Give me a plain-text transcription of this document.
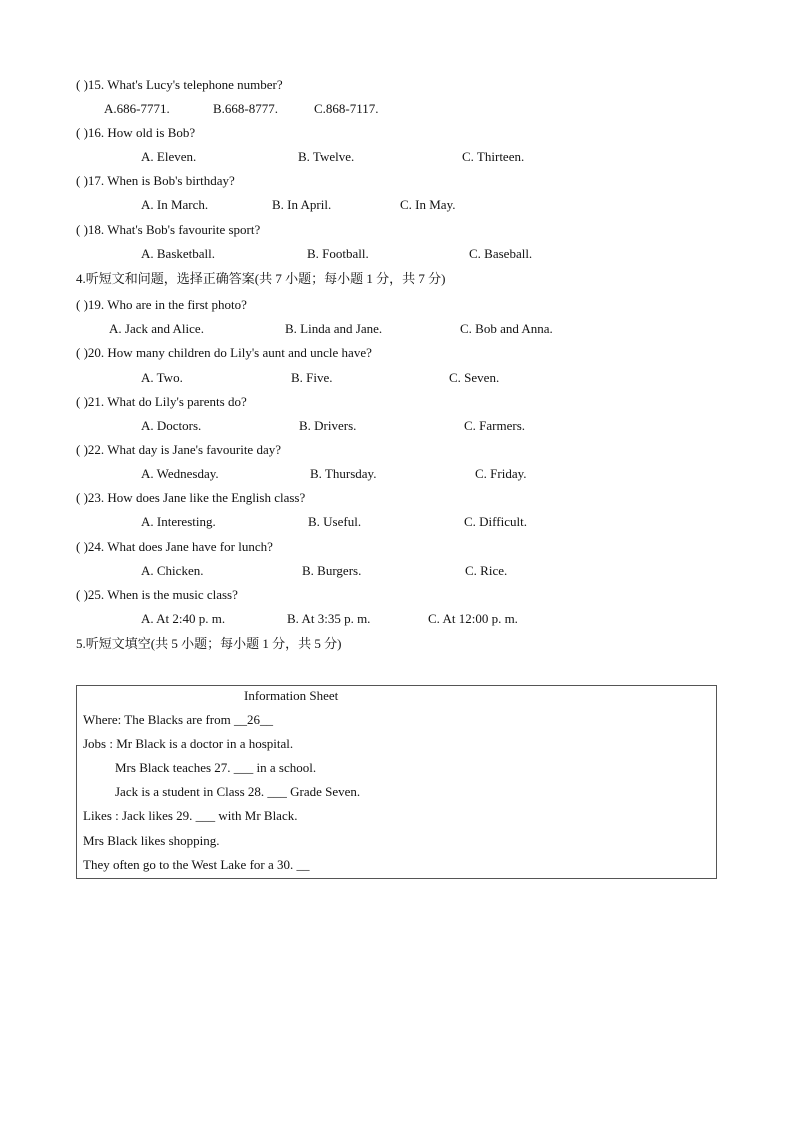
( )15. What's Lucy's telephone number?
A.686-7771.	B.668-8777.	C.868-7117.
( )16. How old is Bob?
A. Eleven.	B. Twelve.	C. Thirteen.
( )17. When is Bob's birthday?
A. In March.	B. In April.	C. In May.
( )18. What's Bob's favourite sport?
A. Basketball.	B. Football.	C. Baseball.
4.听短文和问题，选择正确答案(共 7 小题；每小题 1 分，共 7 分)
( )19. Who are in the first photo?
A. Jack and Alice.	B. Linda and Jane.	C. Bob and Anna.
( )20. How many children do Lily's aunt and uncle have?
A. Two.	B. Five.	C. Seven.
( )21. What do Lily's parents do?
A. Doctors.	B. Drivers.	C. Farmers.
( )22. What day is Jane's favourite day?
A. Wednesday.	B. Thursday.	C. Friday.
( )23. How does Jane like the English class?
A. Interesting.	B. Useful.	C. Difficult.
( )24. What does Jane have for lunch?
A. Chicken.	B. Burgers.	C. Rice.
( )25. When is the music class?
A. At 2:40 p. m.	B. At 3:35 p. m.	C. At 12:00 p. m.
5.听短文填空(共 5 小题；每小题 1 分，共 5 分)
Information Sheet
Where: The Blacks are from __26__
Jobs : Mr Black is a doctor in a hospital.
Mrs Black teaches 27. ___ in a school.
Jack is a student in Class 28. ___ Grade Seven.
Likes : Jack likes 29. ___ with Mr Black.
Mrs Black likes shopping.
They often go to the West Lake for a 30. __
